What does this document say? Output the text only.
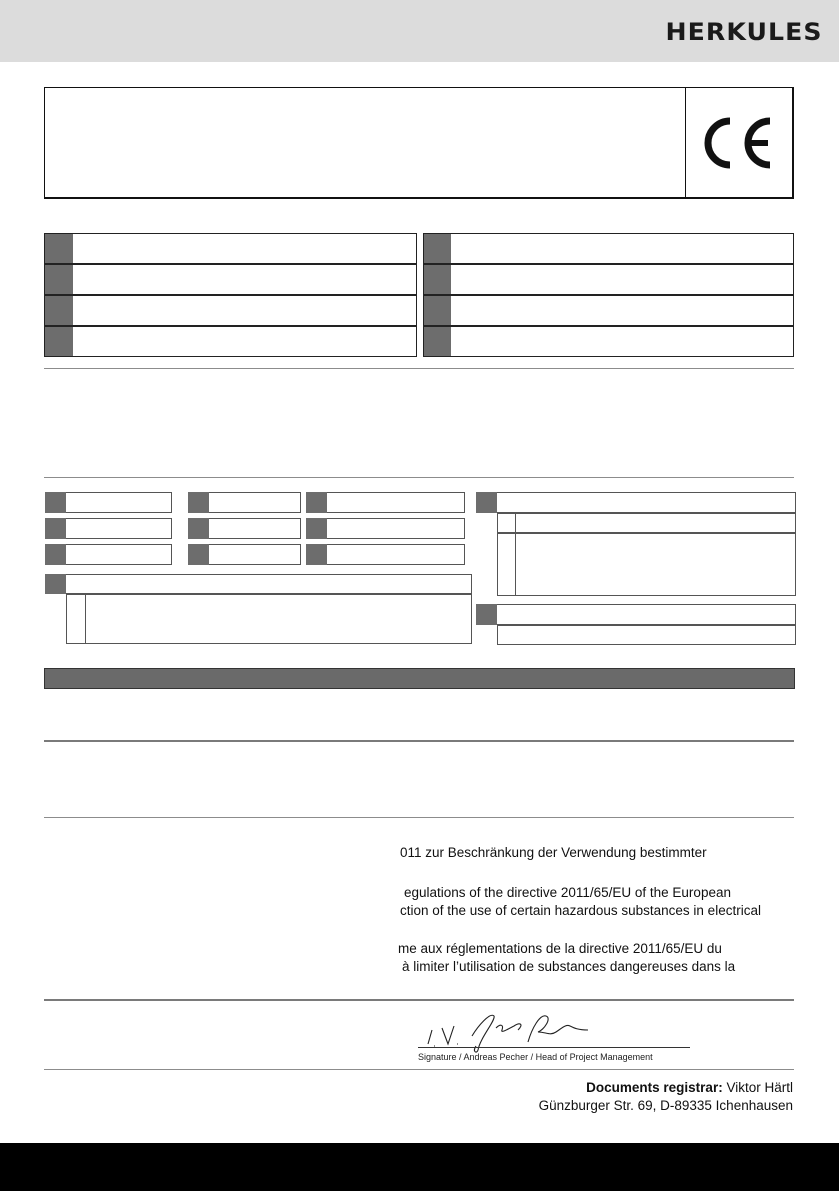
HERKULES
011 zur Beschränkung der Verwendung bestimmter
egulations of the directive 2011/65/EU of the European
ction of the use of certain hazardous substances in electrical
me aux réglementations de la directive 2011/65/EU du
à limiter l’utilisation de substances dangereuses dans la
Signature / Andreas Pecher / Head of Project Management
Documents registrar: Viktor Härtl
Günzburger Str. 69, D-89335 Ichenhausen
